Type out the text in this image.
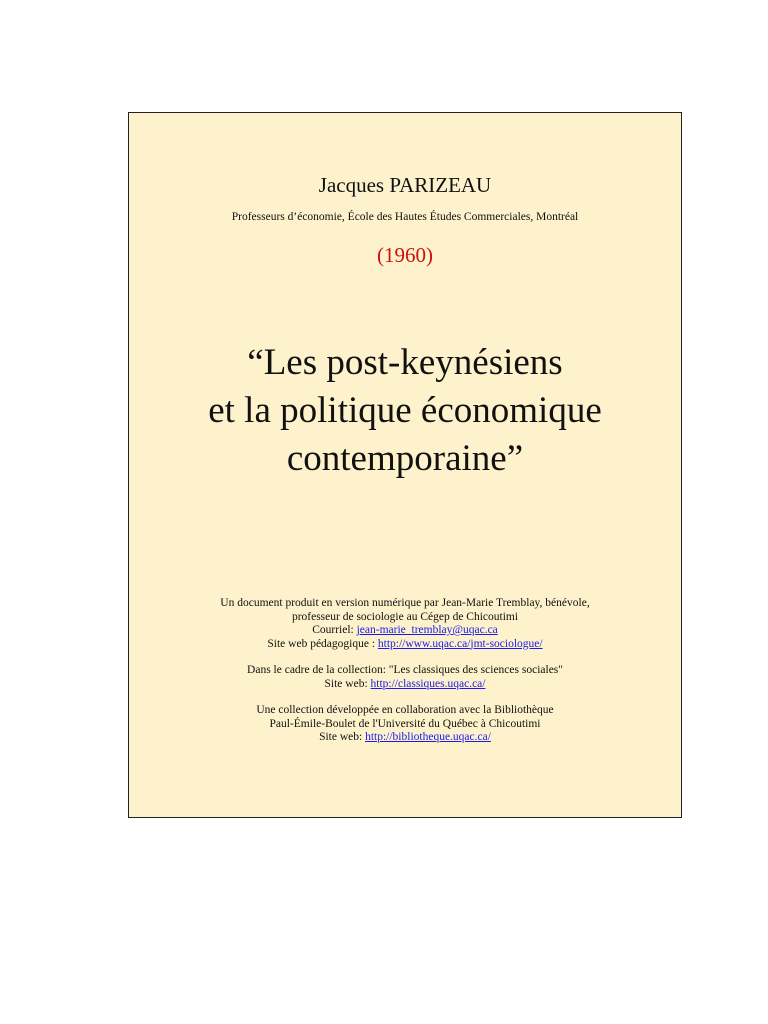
Jacques PARIZEAU
Professeurs d’économie, École des Hautes Études Commerciales, Montréal
(1960)
“Les post-keynésiens
et la politique économique
contemporaine”
Un document produit en version numérique par Jean-Marie Tremblay, bénévole,
professeur de sociologie au Cégep de Chicoutimi
Courriel: jean-marie_tremblay@uqac.ca
Site web pédagogique : http://www.uqac.ca/jmt-sociologue/
Dans le cadre de la collection: "Les classiques des sciences sociales"
Site web: http://classiques.uqac.ca/
Une collection développée en collaboration avec la Bibliothèque
Paul-Émile-Boulet de l'Université du Québec à Chicoutimi
Site web: http://bibliotheque.uqac.ca/
